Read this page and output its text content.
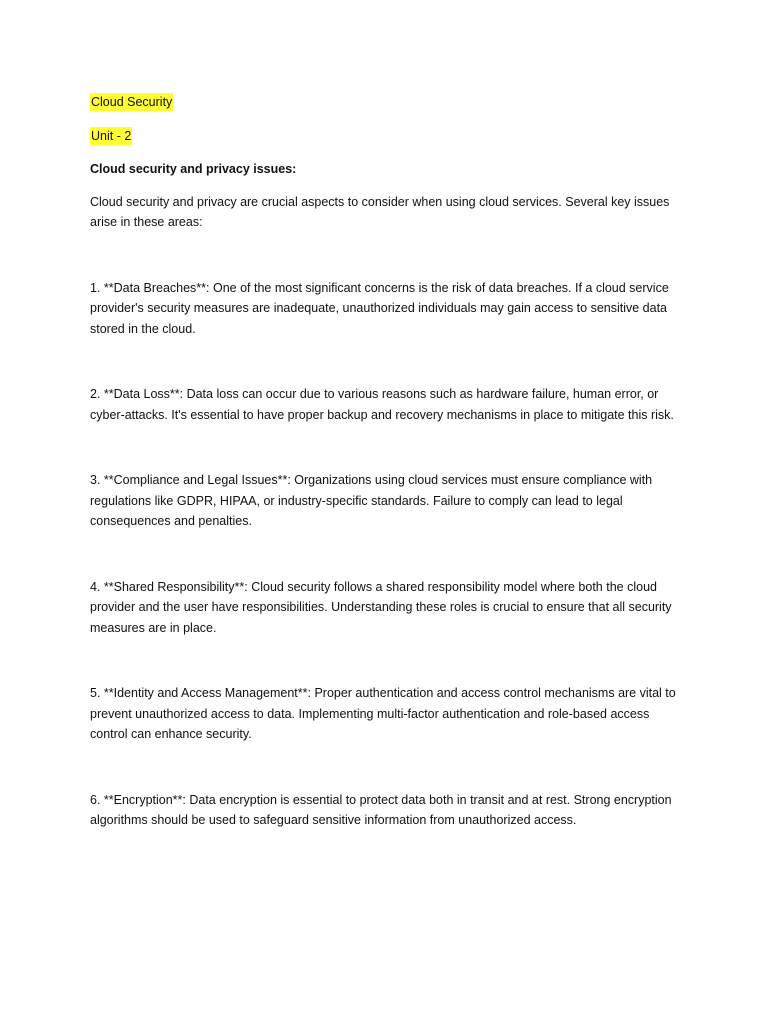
Cloud Security
Unit - 2

Cloud security and privacy issues:

Cloud security and privacy are crucial aspects to consider when using cloud services. Several key issues arise in these areas:

1. **Data Breaches**: One of the most significant concerns is the risk of data breaches. If a cloud service provider's security measures are inadequate, unauthorized individuals may gain access to sensitive data stored in the cloud.
2. **Data Loss**: Data loss can occur due to various reasons such as hardware failure, human error, or cyber-attacks. It's essential to have proper backup and recovery mechanisms in place to mitigate this risk.
3. **Compliance and Legal Issues**: Organizations using cloud services must ensure compliance with regulations like GDPR, HIPAA, or industry-specific standards. Failure to comply can lead to legal consequences and penalties.
4. **Shared Responsibility**: Cloud security follows a shared responsibility model where both the cloud provider and the user have responsibilities. Understanding these roles is crucial to ensure that all security measures are in place.
5. **Identity and Access Management**: Proper authentication and access control mechanisms are vital to prevent unauthorized access to data. Implementing multi-factor authentication and role-based access control can enhance security.
6. **Encryption**: Data encryption is essential to protect data both in transit and at rest. Strong encryption algorithms should be used to safeguard sensitive information from unauthorized access.
